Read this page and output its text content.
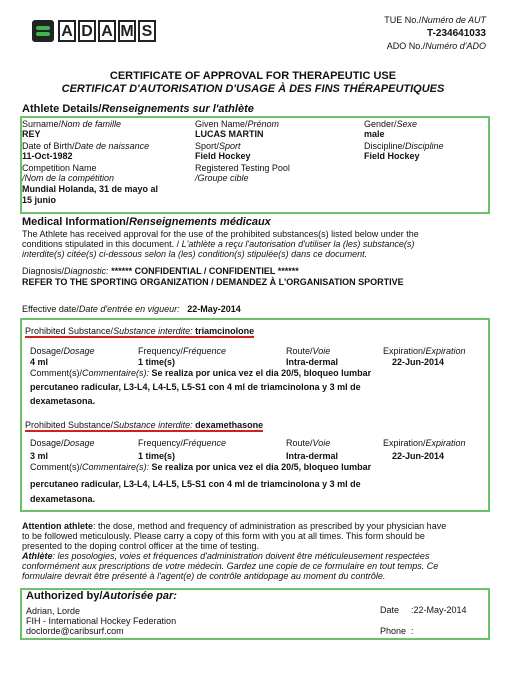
A D A M S
TUE No./Numéro de AUT
T-234641033
ADO No./Numéro d'ADO
CERTIFICATE OF APPROVAL FOR THERAPEUTIC USE
CERTIFICAT D'AUTORISATION D'USAGE À DES FINS THÉRAPEUTIQUES
Athlete Details/Renseignements sur l'athlète
Surname/Nom de famille
REY
Given Name/Prénom
LUCAS MARTIN
Gender/Sexe
male
Date of Birth/Date de naissance
11-Oct-1982
Sport/Sport
Field Hockey
Discipline/Discipline
Field Hockey
Competition Name
/Nom de la compétition
Mundial Holanda, 31 de mayo al
15 junio
Registered Testing Pool
/Groupe cible
Medical Information/Renseignements médicaux
The Athlete has received approval for the use of the prohibited substances(s) listed below under the
conditions stipulated in this document. / L'athlète a reçu l'autorisation d'utiliser la (les) substance(s)
interdite(s) citée(s) ci-dessous selon la (les) condition(s) stipulée(s) dans ce document.
Diagnosis/Diagnostic: ****** CONFIDENTIAL / CONFIDENTIEL ******
REFER TO THE SPORTING ORGANIZATION / DEMANDEZ À L'ORGANISATION SPORTIVE
Effective date/Date d'entrée en vigueur: 22-May-2014
Prohibited Substance/Substance interdite: triamcinolone
Dosage/Dosage
4 ml
Frequency/Fréquence
1 time(s)
Route/Voie
Intra-dermal
Expiration/Expiration
22-Jun-2014
Comment(s)/Commentaire(s): Se realiza por unica vez el dia 20/5, bloqueo lumbar
percutaneo radicular, L3-L4, L4-L5, L5-S1 con 4 ml de triamcinolona y 3 ml de
dexametasona.
Prohibited Substance/Substance interdite: dexamethasone
Dosage/Dosage
3 ml
Frequency/Fréquence
1 time(s)
Route/Voie
Intra-dermal
Expiration/Expiration
22-Jun-2014
Comment(s)/Commentaire(s): Se realiza por unica vez el dia 20/5, bloqueo lumbar
percutaneo radicular, L3-L4, L4-L5, L5-S1 con 4 ml de triamcinolona y 3 ml de
dexametasona.
Attention athlete: the dose, method and frequency of administration as prescribed by your physician have
to be followed meticulously. Please carry a copy of this form with you at all times. This form should be
presented to the doping control officer at the time of testing.
Athlète: les posologies, voies et fréquences d'administration doivent être méticuleusement respectées
conformément aux prescriptions de votre médecin. Gardez une copie de ce formulaire en tout temps. Ce
formulaire devrait être présenté à l'agent(e) de contrôle antidopage au moment du contrôle.
Authorized by/Autorisée par:
Adrian, Lorde
FIH - International Hockey Federation
doclorde@caribsurf.com
Date :22-May-2014
Phone :
